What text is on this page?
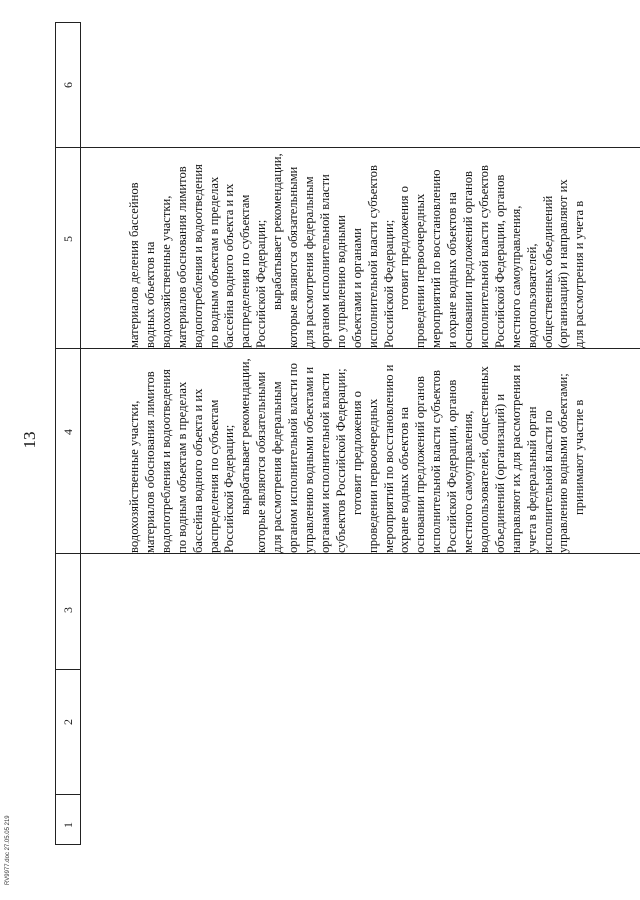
13
RV9977.doc 27.05.05 219	1
2
3
4
5
6
водохозяйственные участки, материалов обоснования лимитов водопотребления и водоотведения по водным объектам в пределах бассейна водного объекта и их распределения по субъектам Российской Федерации; вырабатывает рекомендации, которые являются обязательными для рассмотрения федеральным органом исполнительной власти по управлению водными объектами и органами исполнительной власти субъектов Российской Федерации; готовит предложения о проведении первоочередных мероприятий по восстановлению и охране водных объектов на основании предложений органов исполнительной власти субъектов Российской Федерации, органов местного самоуправления, водопользователей, общественных объединений (организаций) и направляют их для рассмотрения и учета в федеральный орган исполнительной власти по управлению водными объектами; принимают участие в
материалов деления бассейнов водных объектов на водохозяйственные участки, материалов обоснования лимитов водопотребления и водоотведения по водным объектам в пределах бассейна водного объекта и их распределения по субъектам Российской Федерации; вырабатывает рекомендации, которые являются обязательными для рассмотрения федеральным органом исполнительной власти по управлению водными объектами и органами исполнительной власти субъектов Российской Федерации; готовит предложения о проведении первоочередных мероприятий по восстановлению и охране водных объектов на основании предложений органов исполнительной власти субъектов Российской Федерации, органов местного самоуправления, водопользователей, общественных объединений (организаций) и направляют их для рассмотрения и учета в
